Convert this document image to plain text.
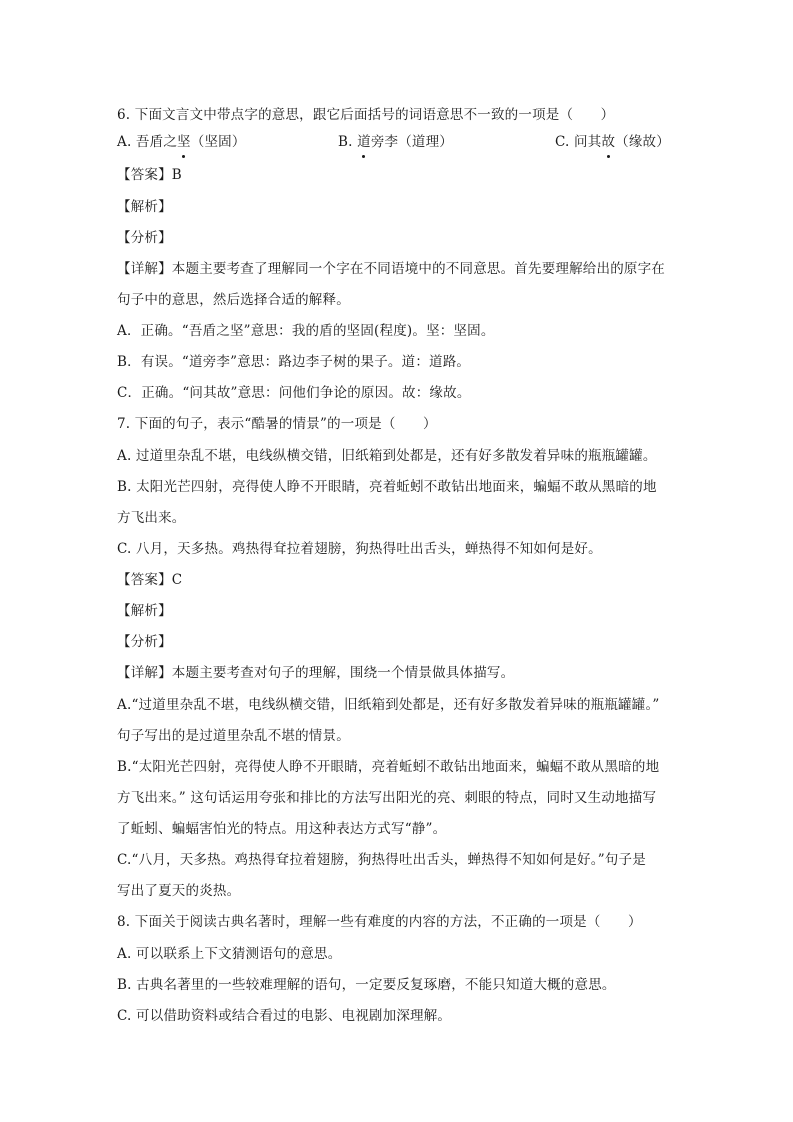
6. 下面文言文中带点字的意思，跟它后面括号的词语意思不一致的一项是（　　）
A. 吾盾之坚（坚固）	B. 道旁李（道理）	C. 问其故（缘故）
【答案】B
【解析】
【分析】
【详解】本题主要考查了理解同一个字在不同语境中的不同意思。首先要理解给出的原字在
句子中的意思，然后选择合适的解释。
A．正确。“吾盾之坚”意思：我的盾的坚固(程度)。坚：坚固。
B．有误。“道旁李”意思：路边李子树的果子。道：道路。
C．正确。“问其故”意思：问他们争论的原因。故：缘故。
7. 下面的句子，表示“酷暑的情景”的一项是（　　）
A. 过道里杂乱不堪，电线纵横交错，旧纸箱到处都是，还有好多散发着异味的瓶瓶罐罐。
B. 太阳光芒四射，亮得使人睁不开眼睛，亮着蚯蚓不敢钻出地面来，蝙蝠不敢从黑暗的地
方飞出来。
C. 八月，天多热。鸡热得耷拉着翅膀，狗热得吐出舌头，蝉热得不知如何是好。
【答案】C
【解析】
【分析】
【详解】本题主要考查对句子的理解，围绕一个情景做具体描写。
A.“过道里杂乱不堪，电线纵横交错，旧纸箱到处都是，还有好多散发着异味的瓶瓶罐罐。”
句子写出的是过道里杂乱不堪的情景。
B.“太阳光芒四射，亮得使人睁不开眼睛，亮着蚯蚓不敢钻出地面来，蝙蝠不敢从黑暗的地
方飞出来。” 这句话运用夸张和排比的方法写出阳光的亮、刺眼的特点，同时又生动地描写
了蚯蚓、蝙蝠害怕光的特点。用这种表达方式写“静”。
C.“八月，天多热。鸡热得耷拉着翅膀，狗热得吐出舌头，蝉热得不知如何是好。”句子是
写出了夏天的炎热。
8. 下面关于阅读古典名著时，理解一些有难度的内容的方法，不正确的一项是（　　）
A. 可以联系上下文猜测语句的意思。
B. 古典名著里的一些较难理解的语句，一定要反复琢磨，不能只知道大概的意思。
C. 可以借助资料或结合看过的电影、电视剧加深理解。
